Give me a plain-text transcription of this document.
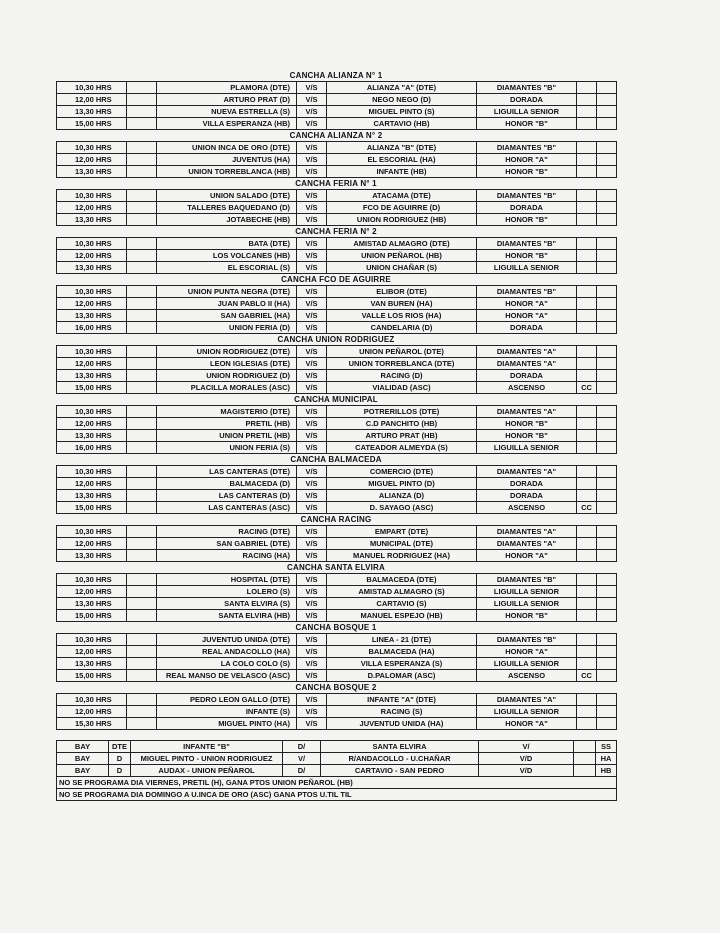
CANCHA ALIANZA N° 1
10,30 HRS		PLAMORA (DTE)	V/S	ALIANZA "A" (DTE)	DIAMANTES "B"		
12,00 HRS		ARTURO PRAT (D)	V/S	NEGO NEGO (D)	DORADA		
13,30 HRS		NUEVA ESTRELLA (S)	V/S	MIGUEL PINTO (S)	LIGUILLA SENIOR		
15,00 HRS		VILLA ESPERANZA (HB)	V/S	CARTAVIO (HB)	HONOR "B"		
CANCHA ALIANZA N° 2
10,30 HRS		UNION INCA DE ORO (DTE)	V/S	ALIANZA "B" (DTE)	DIAMANTES "B"		
12,00 HRS		JUVENTUS (HA)	V/S	EL ESCORIAL (HA)	HONOR "A"		
13,30 HRS		UNION TORREBLANCA (HB)	V/S	INFANTE (HB)	HONOR "B"		
CANCHA FERIA N° 1
10,30 HRS		UNION SALADO (DTE)	V/S	ATACAMA (DTE)	DIAMANTES "B"		
12,00 HRS		TALLERES BAQUEDANO (D)	V/S	FCO DE AGUIRRE (D)	DORADA		
13,30 HRS		JOTABECHE (HB)	V/S	UNION RODRIGUEZ (HB)	HONOR "B"		
CANCHA FERIA N° 2
10,30 HRS		BATA (DTE)	V/S	AMISTAD ALMAGRO (DTE)	DIAMANTES "B"		
12,00 HRS		LOS VOLCANES (HB)	V/S	UNION PEÑAROL (HB)	HONOR "B"		
13,30 HRS		EL ESCORIAL (S)	V/S	UNION CHAÑAR (S)	LIGUILLA SENIOR		
CANCHA FCO DE AGUIRRE
10,30 HRS		UNION PUNTA NEGRA (DTE)	V/S	ELIBOR (DTE)	DIAMANTES "B"		
12,00 HRS		JUAN PABLO II (HA)	V/S	VAN BUREN (HA)	HONOR "A"		
13,30 HRS		SAN GABRIEL (HA)	V/S	VALLE LOS RIOS (HA)	HONOR "A"		
16,00 HRS		UNION FERIA (D)	V/S	CANDELARIA (D)	DORADA		
CANCHA UNION RODRIGUEZ
10,30 HRS		UNION RODRIGUEZ (DTE)	V/S	UNION PEÑAROL (DTE)	DIAMANTES "A"		
12,00 HRS		LEON IGLESIAS (DTE)	V/S	UNION TORREBLANCA (DTE)	DIAMANTES "A"		
13,30 HRS		UNION RODRIGUEZ (D)	V/S	RACING (D)	DORADA		
15,00 HRS		PLACILLA MORALES (ASC)	V/S	VIALIDAD (ASC)	ASCENSO	CC	
CANCHA MUNICIPAL
10,30 HRS		MAGISTERIO (DTE)	V/S	POTRERILLOS (DTE)	DIAMANTES "A"		
12,00 HRS		PRETIL (HB)	V/S	C.D PANCHITO (HB)	HONOR "B"		
13,30 HRS		UNION PRETIL (HB)	V/S	ARTURO PRAT (HB)	HONOR "B"		
16,00 HRS		UNION FERIA (S)	V/S	CATEADOR ALMEYDA (S)	LIGUILLA SENIOR		
CANCHA BALMACEDA
10,30 HRS		LAS CANTERAS (DTE)	V/S	COMERCIO (DTE)	DIAMANTES "A"		
12,00 HRS		BALMACEDA (D)	V/S	MIGUEL PINTO (D)	DORADA		
13,30 HRS		LAS CANTERAS (D)	V/S	ALIANZA (D)	DORADA		
15,00 HRS		LAS CANTERAS (ASC)	V/S	D. SAYAGO (ASC)	ASCENSO	CC	
CANCHA RACING
10,30 HRS		RACING (DTE)	V/S	EMPART (DTE)	DIAMANTES "A"		
12,00 HRS		SAN GABRIEL (DTE)	V/S	MUNICIPAL (DTE)	DIAMANTES "A"		
13,30 HRS		RACING (HA)	V/S	MANUEL RODRIGUEZ (HA)	HONOR "A"		
CANCHA SANTA ELVIRA
10,30 HRS		HOSPITAL (DTE)	V/S	BALMACEDA (DTE)	DIAMANTES "B"		
12,00 HRS		LOLERO (S)	V/S	AMISTAD ALMAGRO (S)	LIGUILLA SENIOR		
13,30 HRS		SANTA ELVIRA (S)	V/S	CARTAVIO (S)	LIGUILLA SENIOR		
15,00 HRS		SANTA ELVIRA (HB)	V/S	MANUEL ESPEJO (HB)	HONOR "B"		
CANCHA BOSQUE 1
10,30 HRS		JUVENTUD UNIDA (DTE)	V/S	LINEA - 21 (DTE)	DIAMANTES "B"		
12,00 HRS		REAL ANDACOLLO (HA)	V/S	BALMACEDA (HA)	HONOR "A"		
13,30 HRS		LA COLO COLO (S)	V/S	VILLA ESPERANZA (S)	LIGUILLA SENIOR		
15,00 HRS		REAL MANSO DE VELASCO (ASC)	V/S	D.PALOMAR (ASC)	ASCENSO	CC	
CANCHA BOSQUE 2
10,30 HRS		PEDRO LEON GALLO (DTE)	V/S	INFANTE "A" (DTE)	DIAMANTES "A"		
12,00 HRS		INFANTE (S)	V/S	RACING (S)	LIGUILLA SENIOR		
15,30 HRS		MIGUEL PINTO (HA)	V/S	JUVENTUD UNIDA (HA)	HONOR "A"		
BAY	DTE	INFANTE "B"	D/	SANTA ELVIRA	V/		SS
BAY	D	MIGUEL PINTO - UNION RODRIGUEZ	V/	R/ANDACOLLO - U.CHAÑAR	V/D		HA
BAY	D	AUDAX - UNION PEÑAROL	D/	CARTAVIO - SAN PEDRO	V/D		HB
NO SE PROGRAMA DIA VIERNES, PRETIL (H), GANA PTOS UNION PEÑAROL (HB)							
NO SE PROGRAMA DIA DOMINGO A U.INCA DE ORO (ASC) GANA PTOS U.TIL TIL							
